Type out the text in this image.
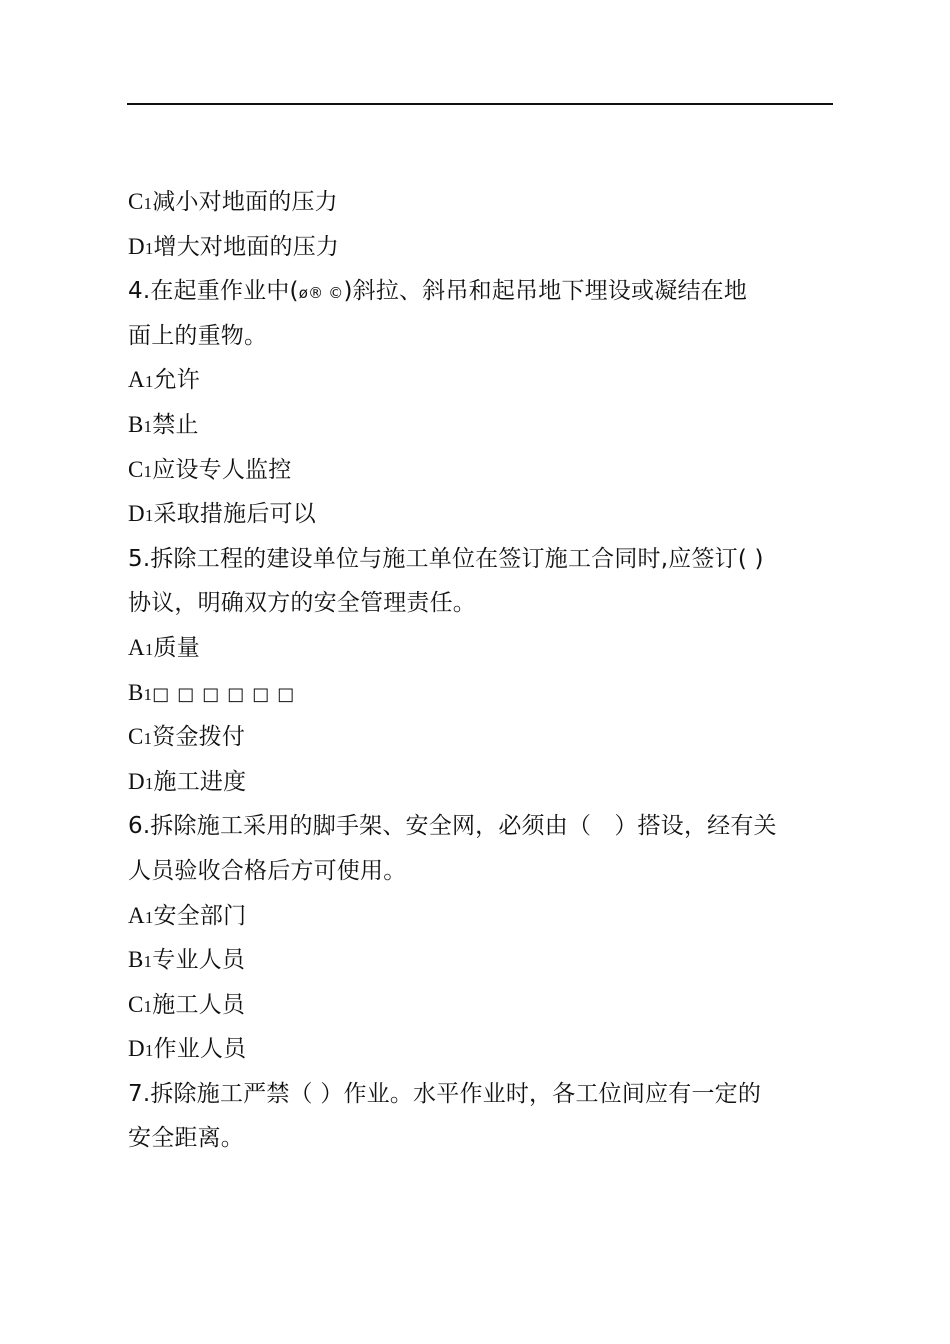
C1减小对地面的压力
D1增大对地面的压力
4.在起重作业中(ø® ©)斜拉、斜吊和起吊地下埋设或凝结在地
面上的重物。
A1允许
B1禁止
C1应设专人监控
D1采取措施后可以
5.拆除工程的建设单位与施工单位在签订施工合同时,应签订( )
协议，明确双方的安全管理责任。
A1质量
B1□□□□□□
C1资金拨付
D1施工进度
6.拆除施工采用的脚手架、安全网，必须由（　）搭设，经有关
人员验收合格后方可使用。
A1安全部门
B1专业人员
C1施工人员
D1作业人员
7.拆除施工严禁（ ）作业。水平作业时，各工位间应有一定的
安全距离。
